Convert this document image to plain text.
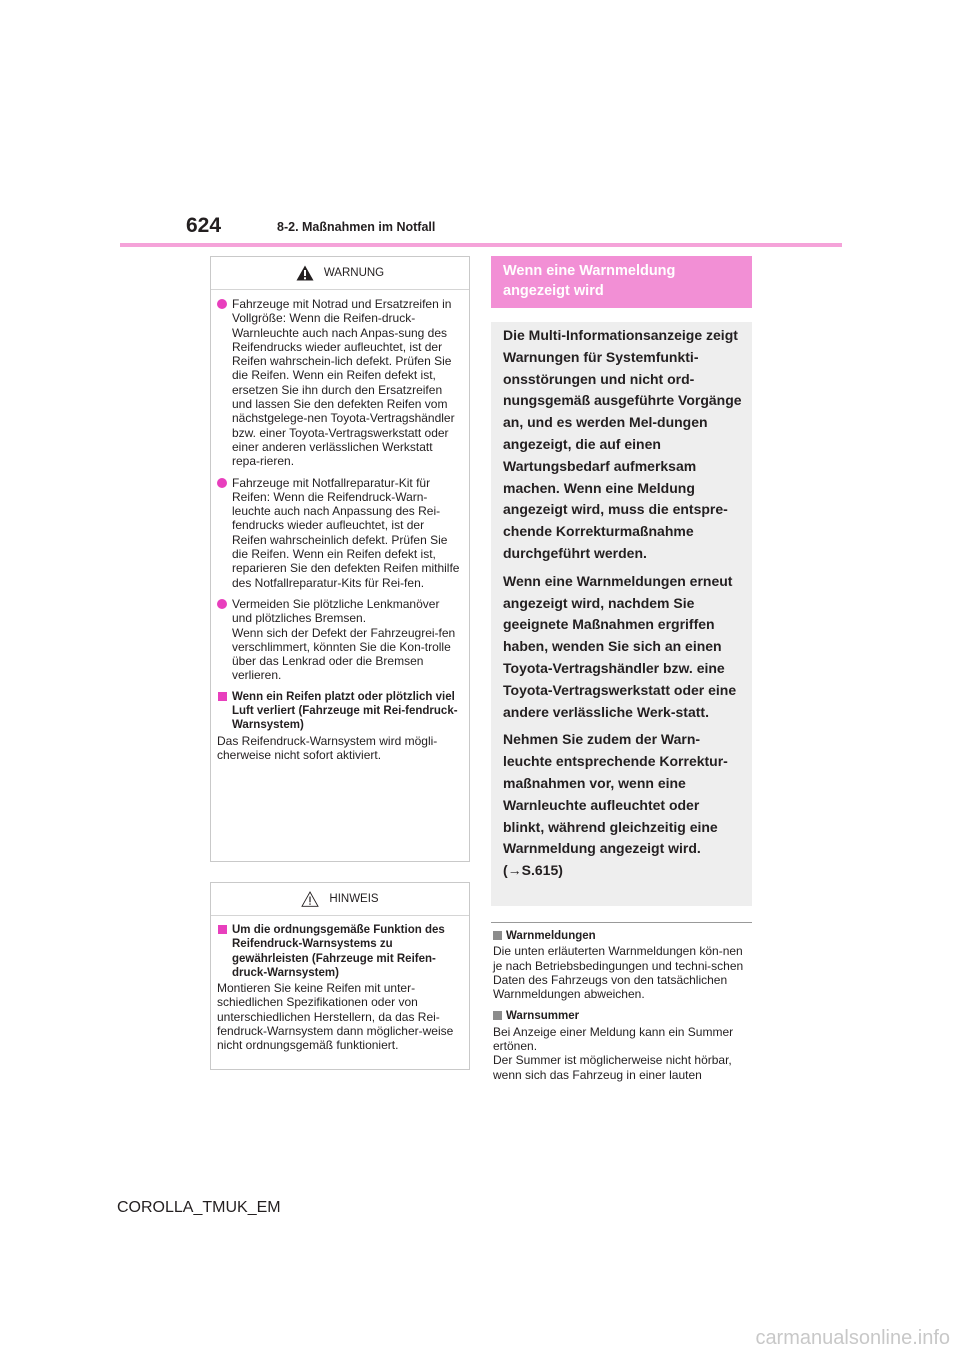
624	8-2. Maßnahmen im Notfall
WARNUNG
Fahrzeuge mit Notrad und Ersatzreifen in Vollgröße: Wenn die Reifen-druck-Warnleuchte auch nach Anpas-sung des Reifendrucks wieder aufleuchtet, ist der Reifen wahrschein-lich defekt. Prüfen Sie die Reifen. Wenn ein Reifen defekt ist, ersetzen Sie ihn durch den Ersatzreifen und lassen Sie den defekten Reifen vom nächstgelege-nen Toyota-Vertragshändler bzw. einer Toyota-Vertragswerkstatt oder einer anderen verlässlichen Werkstatt repa-rieren.
Fahrzeuge mit Notfallreparatur-Kit für Reifen: Wenn die Reifendruck-Warn-leuchte auch nach Anpassung des Rei-fendrucks wieder aufleuchtet, ist der Reifen wahrscheinlich defekt. Prüfen Sie die Reifen. Wenn ein Reifen defekt ist, reparieren Sie den defekten Reifen mithilfe des Notfallreparatur-Kits für Rei-fen.
Vermeiden Sie plötzliche Lenkmanöver und plötzliches Bremsen.
Wenn sich der Defekt der Fahrzeugrei-fen verschlimmert, könnten Sie die Kon-trolle über das Lenkrad oder die Bremsen verlieren.
Wenn ein Reifen platzt oder plötzlich viel Luft verliert (Fahrzeuge mit Rei-fendruck-Warnsystem)
Das Reifendruck-Warnsystem wird mögli-cherweise nicht sofort aktiviert.
HINWEIS
Um die ordnungsgemäße Funktion des Reifendruck-Warnsystems zu gewährleisten (Fahrzeuge mit Reifen-druck-Warnsystem)
Montieren Sie keine Reifen mit unter-schiedlichen Spezifikationen oder von unterschiedlichen Herstellern, da das Rei-fendruck-Warnsystem dann möglicher-weise nicht ordnungsgemäß funktioniert.
Wenn eine Warnmeldung angezeigt wird

Die Multi-Informationsanzeige zeigt Warnungen für Systemfunkti-onsstörungen und nicht ord-nungsgemäß ausgeführte Vorgänge an, und es werden Mel-dungen angezeigt, die auf einen Wartungsbedarf aufmerksam machen. Wenn eine Meldung angezeigt wird, muss die entspre-chende Korrekturmaßnahme durchgeführt werden.

Wenn eine Warnmeldungen erneut angezeigt wird, nachdem Sie geeignete Maßnahmen ergriffen haben, wenden Sie sich an einen Toyota-Vertragshändler bzw. eine Toyota-Vertragswerkstatt oder eine andere verlässliche Werk-statt.

Nehmen Sie zudem der Warn-leuchte entsprechende Korrektur-maßnahmen vor, wenn eine Warnleuchte aufleuchtet oder blinkt, während gleichzeitig eine Warnmeldung angezeigt wird.

(→S.615)

Warnmeldungen
Die unten erläuterten Warnmeldungen kön-nen je nach Betriebsbedingungen und techni-schen Daten des Fahrzeugs von den tatsächlichen Warnmeldungen abweichen.
Warnsummer
Bei Anzeige einer Meldung kann ein Summer ertönen.
Der Summer ist möglicherweise nicht hörbar, wenn sich das Fahrzeug in einer lauten
COROLLA_TMUK_EM
carmanualsonline.info
